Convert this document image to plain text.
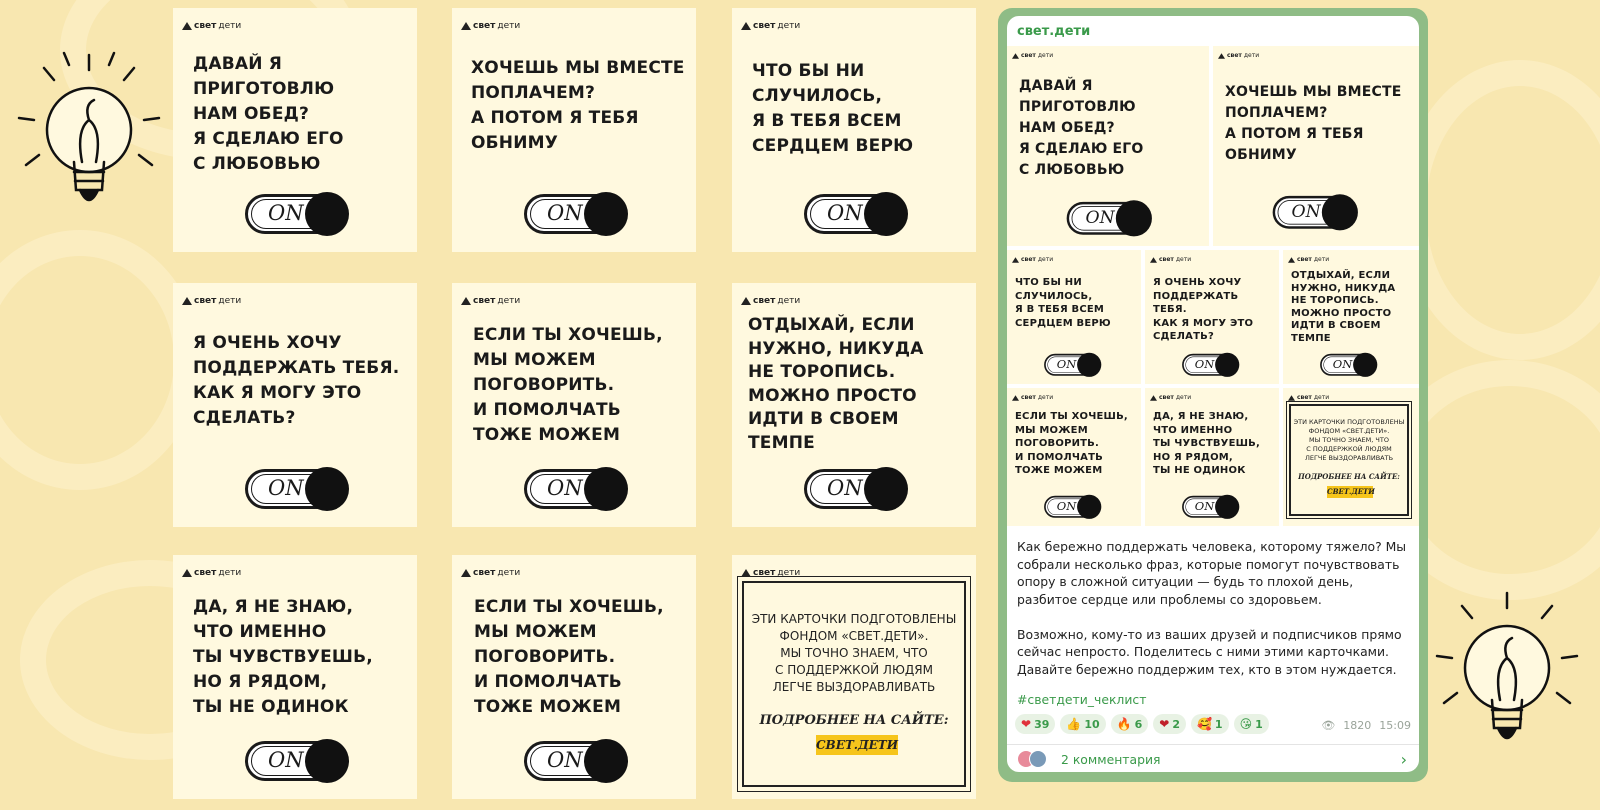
свет дети
ДАВАЙ Я
ПРИГОТОВЛЮ
НАМ ОБЕД?
Я СДЕЛАЮ ЕГО
С ЛЮБОВЬЮ
ON
свет дети
ХОЧЕШЬ МЫ ВМЕСТЕ
ПОПЛАЧЕМ?
А ПОТОМ Я ТЕБЯ
ОБНИМУ
ON
свет дети
ЧТО БЫ НИ
СЛУЧИЛОСЬ,
Я В ТЕБЯ ВСЕМ
СЕРДЦЕМ ВЕРЮ
ON
свет дети
Я ОЧЕНЬ ХОЧУ
ПОДДЕРЖАТЬ ТЕБЯ.
КАК Я МОГУ ЭТО
СДЕЛАТЬ?
ON
свет дети
ЕСЛИ ТЫ ХОЧЕШЬ,
МЫ МОЖЕМ
ПОГОВОРИТЬ.
И ПОМОЛЧАТЬ
ТОЖЕ МОЖЕМ
ON
свет дети
ОТДЫХАЙ, ЕСЛИ
НУЖНО, НИКУДА
НЕ ТОРОПИСЬ.
МОЖНО ПРОСТО
ИДТИ В СВОЕМ
ТЕМПЕ
ON
свет дети
ДА, Я НЕ ЗНАЮ,
ЧТО ИМЕННО
ТЫ ЧУВСТВУЕШЬ,
НО Я РЯДОМ,
ТЫ НЕ ОДИНОК
ON
свет дети
ЕСЛИ ТЫ ХОЧЕШЬ,
МЫ МОЖЕМ
ПОГОВОРИТЬ.
И ПОМОЛЧАТЬ
ТОЖЕ МОЖЕМ
ON
свет дети
ЭТИ КАРТОЧКИ ПОДГОТОВЛЕНЫ
ФОНДОМ «СВЕТ.ДЕТИ».
МЫ ТОЧНО ЗНАЕМ, ЧТО
С ПОДДЕРЖКОЙ ЛЮДЯМ
ЛЕГЧЕ ВЫЗДОРАВЛИВАТЬ
ПОДРОБНЕЕ НА САЙТЕ:
СВЕТ.ДЕТИ
свет.дети
свет дети
ДАВАЙ Я
ПРИГОТОВЛЮ
НАМ ОБЕД?
Я СДЕЛАЮ ЕГО
С ЛЮБОВЬЮ
ON
свет дети
ХОЧЕШЬ МЫ ВМЕСТЕ
ПОПЛАЧЕМ?
А ПОТОМ Я ТЕБЯ
ОБНИМУ
ON
свет дети
ЧТО БЫ НИ
СЛУЧИЛОСЬ,
Я В ТЕБЯ ВСЕМ
СЕРДЦЕМ ВЕРЮ
ON
свет дети
Я ОЧЕНЬ ХОЧУ
ПОДДЕРЖАТЬ ТЕБЯ.
КАК Я МОГУ ЭТО
СДЕЛАТЬ?
ON
свет дети
ОТДЫХАЙ, ЕСЛИ
НУЖНО, НИКУДА
НЕ ТОРОПИСЬ.
МОЖНО ПРОСТО
ИДТИ В СВОЕМ
ТЕМПЕ
ON
свет дети
ЕСЛИ ТЫ ХОЧЕШЬ,
МЫ МОЖЕМ
ПОГОВОРИТЬ.
И ПОМОЛЧАТЬ
ТОЖЕ МОЖЕМ
ON
свет дети
ДА, Я НЕ ЗНАЮ,
ЧТО ИМЕННО
ТЫ ЧУВСТВУЕШЬ,
НО Я РЯДОМ,
ТЫ НЕ ОДИНОК
ON
свет дети
ЭТИ КАРТОЧКИ ПОДГОТОВЛЕНЫ
ФОНДОМ «СВЕТ.ДЕТИ».
МЫ ТОЧНО ЗНАЕМ, ЧТО
С ПОДДЕРЖКОЙ ЛЮДЯМ
ЛЕГЧЕ ВЫЗДОРАВЛИВАТЬ
ПОДРОБНЕЕ НА САЙТЕ:
СВЕТ.ДЕТИ
Как бережно поддержать человека, которому тяжело? Мы собрали несколько фраз, которые помогут почувствовать опору в сложной ситуации — будь то плохой день, разбитое сердце или проблемы со здоровьем.

Возможно, кому-то из ваших друзей и подписчиков прямо сейчас непросто. Поделитесь с ними этими карточками. Давайте бережно поддержим тех, кто в этом нуждается.
#светдети_чеклист
❤ 39 👍 10 🔥 6 ❤ 2 🥰 1 😘 1	👁 1820 15:09
2 комментария	›
